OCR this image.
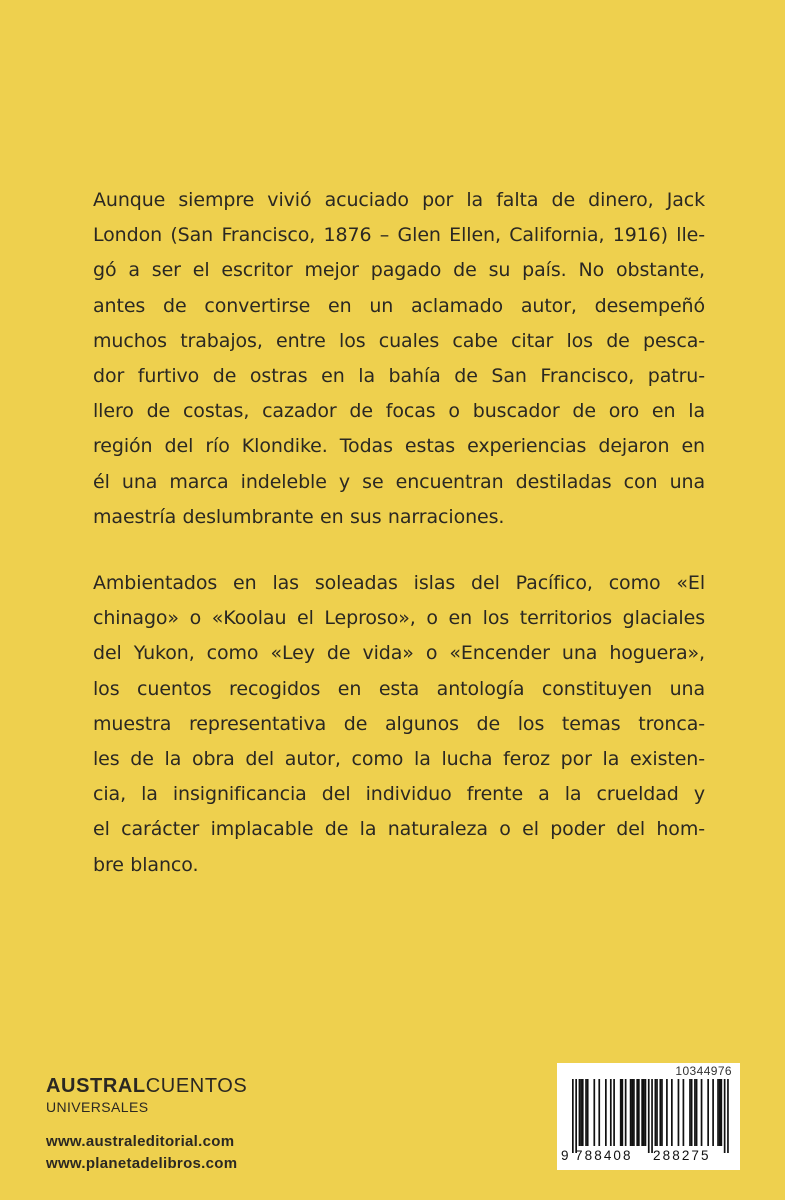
Aunque siempre vivió acuciado por la falta de dinero, Jack
London (San Francisco, 1876 – Glen Ellen, California, 1916) lle-
gó a ser el escritor mejor pagado de su país. No obstante,
antes de convertirse en un aclamado autor, desempeñó
muchos trabajos, entre los cuales cabe citar los de pesca-
dor furtivo de ostras en la bahía de San Francisco, patru-
llero de costas, cazador de focas o buscador de oro en la
región del río Klondike. Todas estas experiencias dejaron en
él una marca indeleble y se encuentran destiladas con una
maestría deslumbrante en sus narraciones.
Ambientados en las soleadas islas del Pacífico, como «El
chinago» o «Koolau el Leproso», o en los territorios glaciales
del Yukon, como «Ley de vida» o «Encender una hoguera»,
los cuentos recogidos en esta antología constituyen una
muestra representativa de algunos de los temas tronca-
les de la obra del autor, como la lucha feroz por la existen-
cia, la insignificancia del individuo frente a la crueldad y
el carácter implacable de la naturaleza o el poder del hom-
bre blanco.
AUSTRALCUENTOS
UNIVERSALES
www.australeditorial.com
www.planetadelibros.com
10344976
9 788408 288275
